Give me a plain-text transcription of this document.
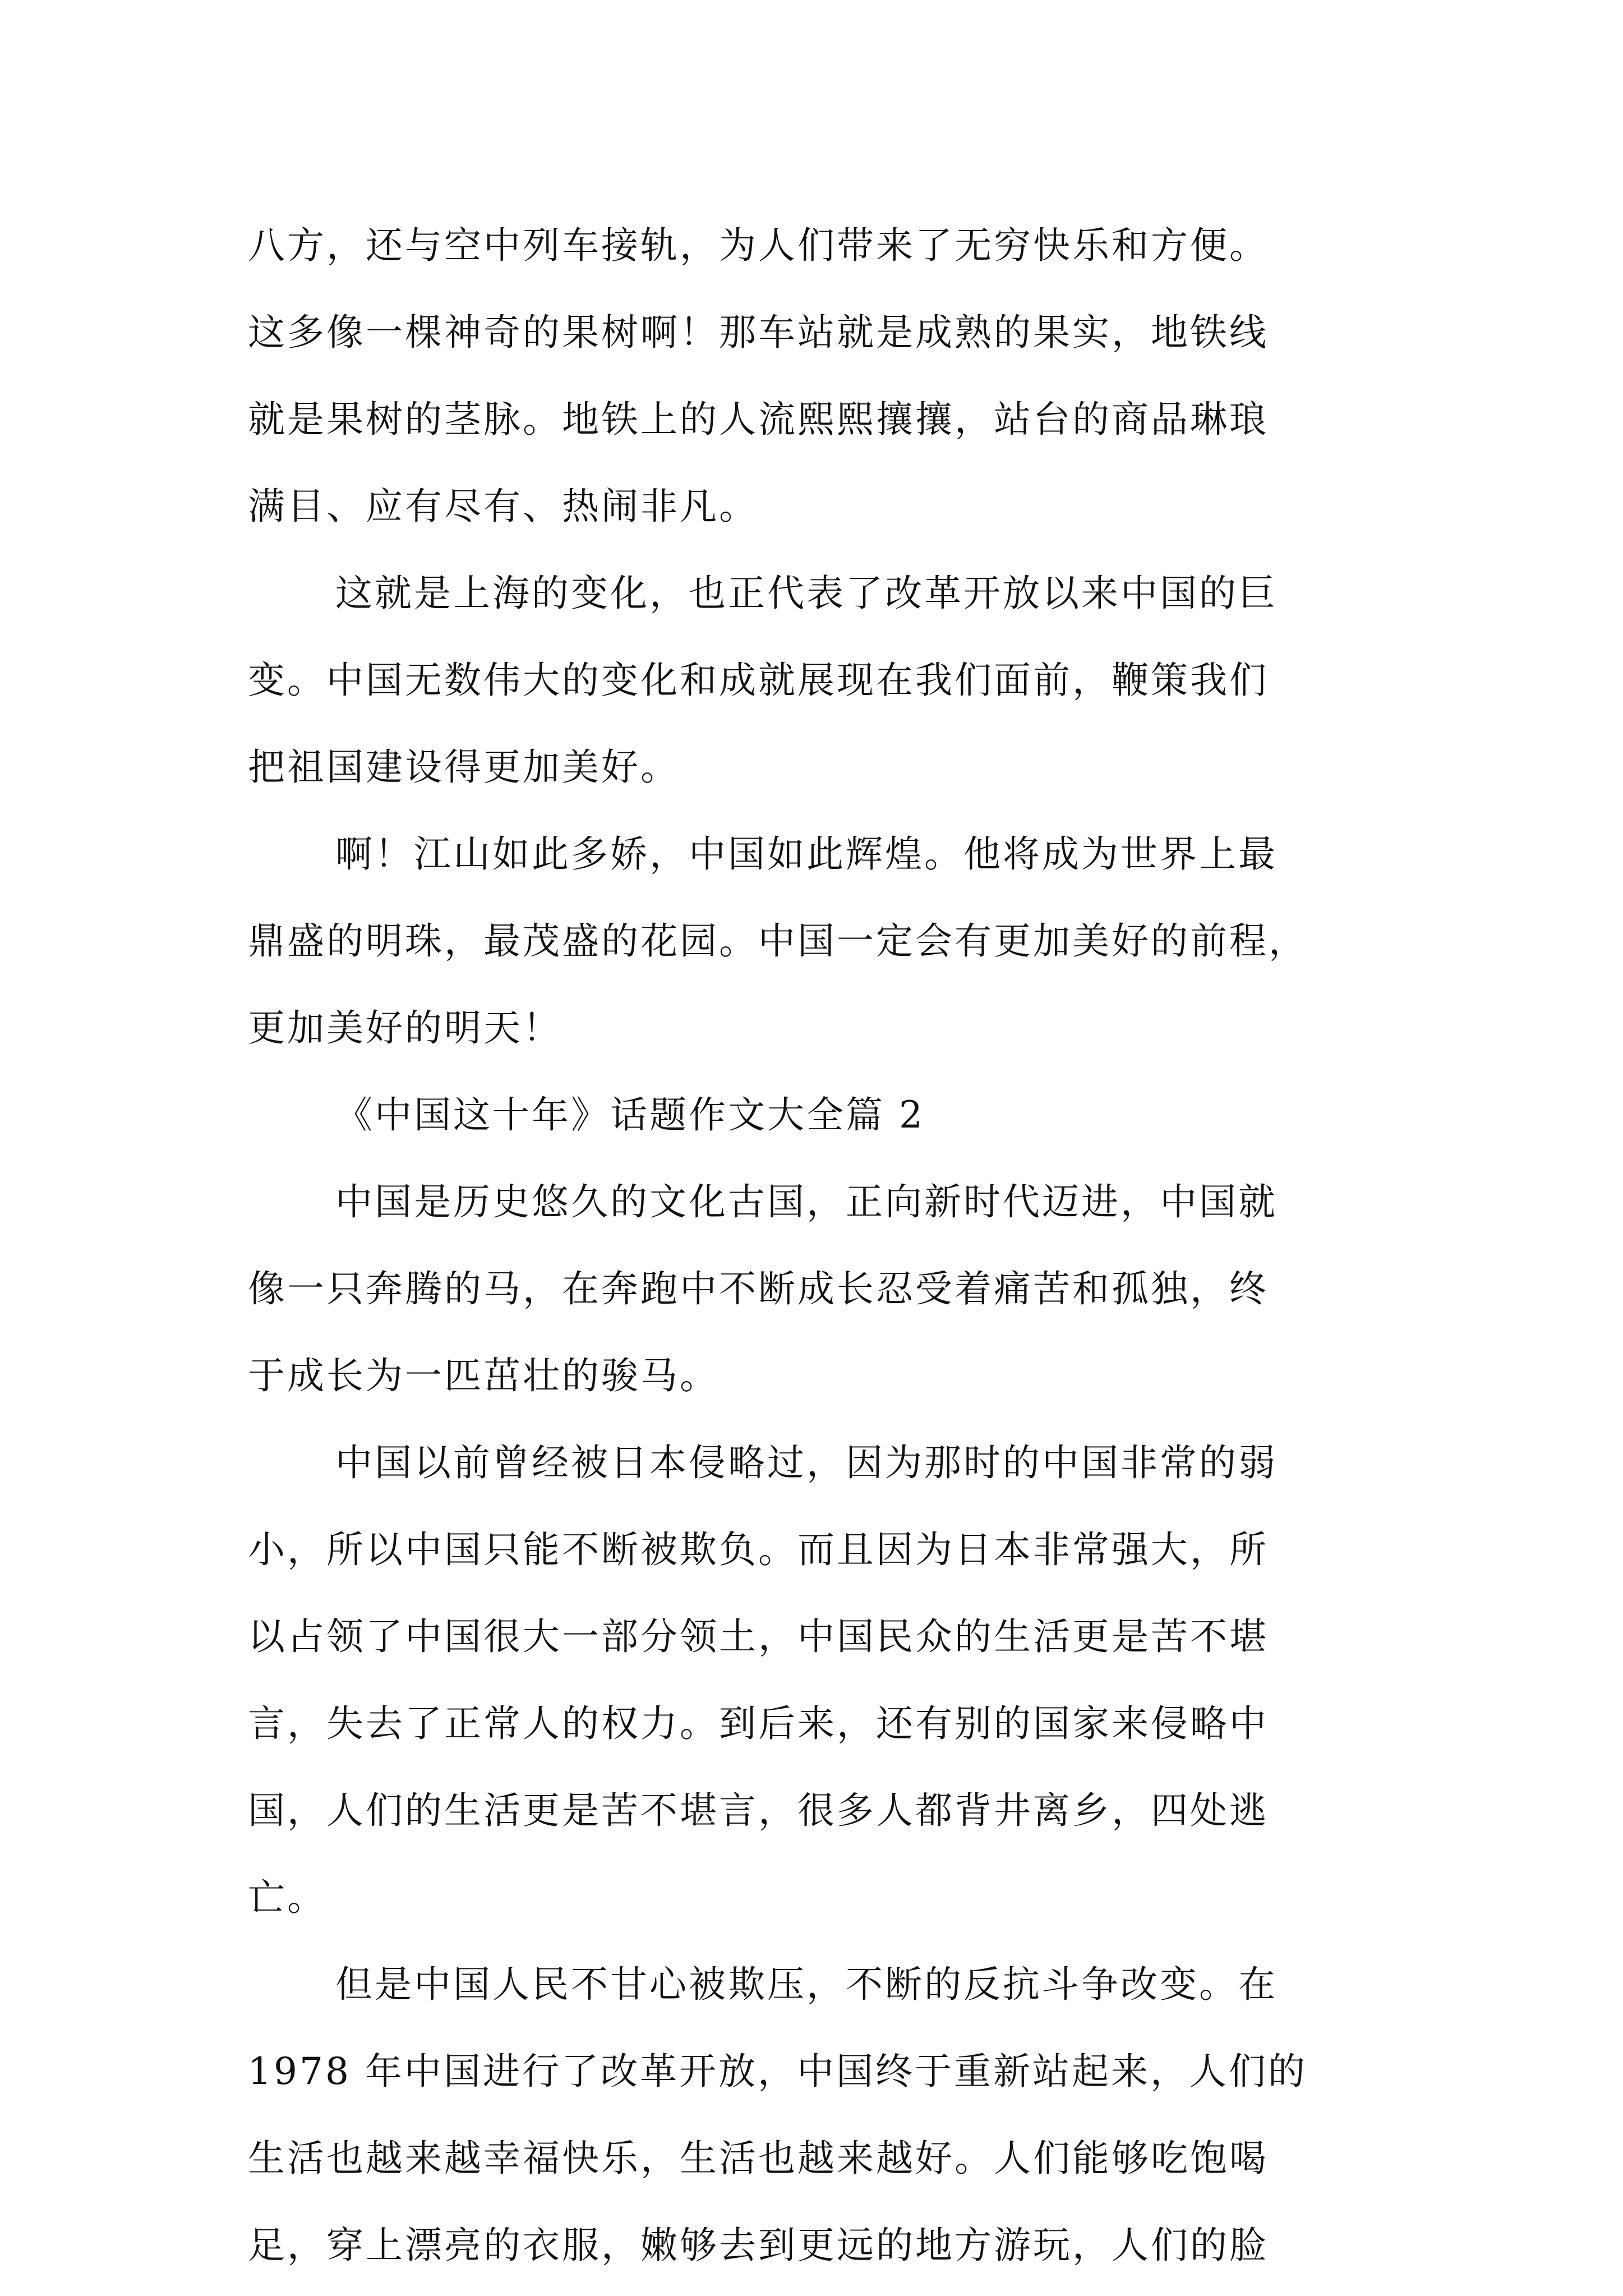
八方，还与空中列车接轨，为人们带来了无穷快乐和方便。
这多像一棵神奇的果树啊！那车站就是成熟的果实，地铁线
就是果树的茎脉。地铁上的人流熙熙攘攘，站台的商品琳琅
满目、应有尽有、热闹非凡。
这就是上海的变化，也正代表了改革开放以来中国的巨
变。中国无数伟大的变化和成就展现在我们面前，鞭策我们
把祖国建设得更加美好。
啊！江山如此多娇，中国如此辉煌。他将成为世界上最
鼎盛的明珠，最茂盛的花园。中国一定会有更加美好的前程，
更加美好的明天！
《中国这十年》话题作文大全篇 2
中国是历史悠久的文化古国，正向新时代迈进，中国就
像一只奔腾的马，在奔跑中不断成长忍受着痛苦和孤独，终
于成长为一匹茁壮的骏马。
中国以前曾经被日本侵略过，因为那时的中国非常的弱
小，所以中国只能不断被欺负。而且因为日本非常强大，所
以占领了中国很大一部分领土，中国民众的生活更是苦不堪
言，失去了正常人的权力。到后来，还有别的国家来侵略中
国，人们的生活更是苦不堪言，很多人都背井离乡，四处逃
亡。
但是中国人民不甘心被欺压，不断的反抗斗争改变。在
1978 年中国进行了改革开放，中国终于重新站起来，人们的
生活也越来越幸福快乐，生活也越来越好。人们能够吃饱喝
足，穿上漂亮的衣服，嫩够去到更远的地方游玩，人们的脸
